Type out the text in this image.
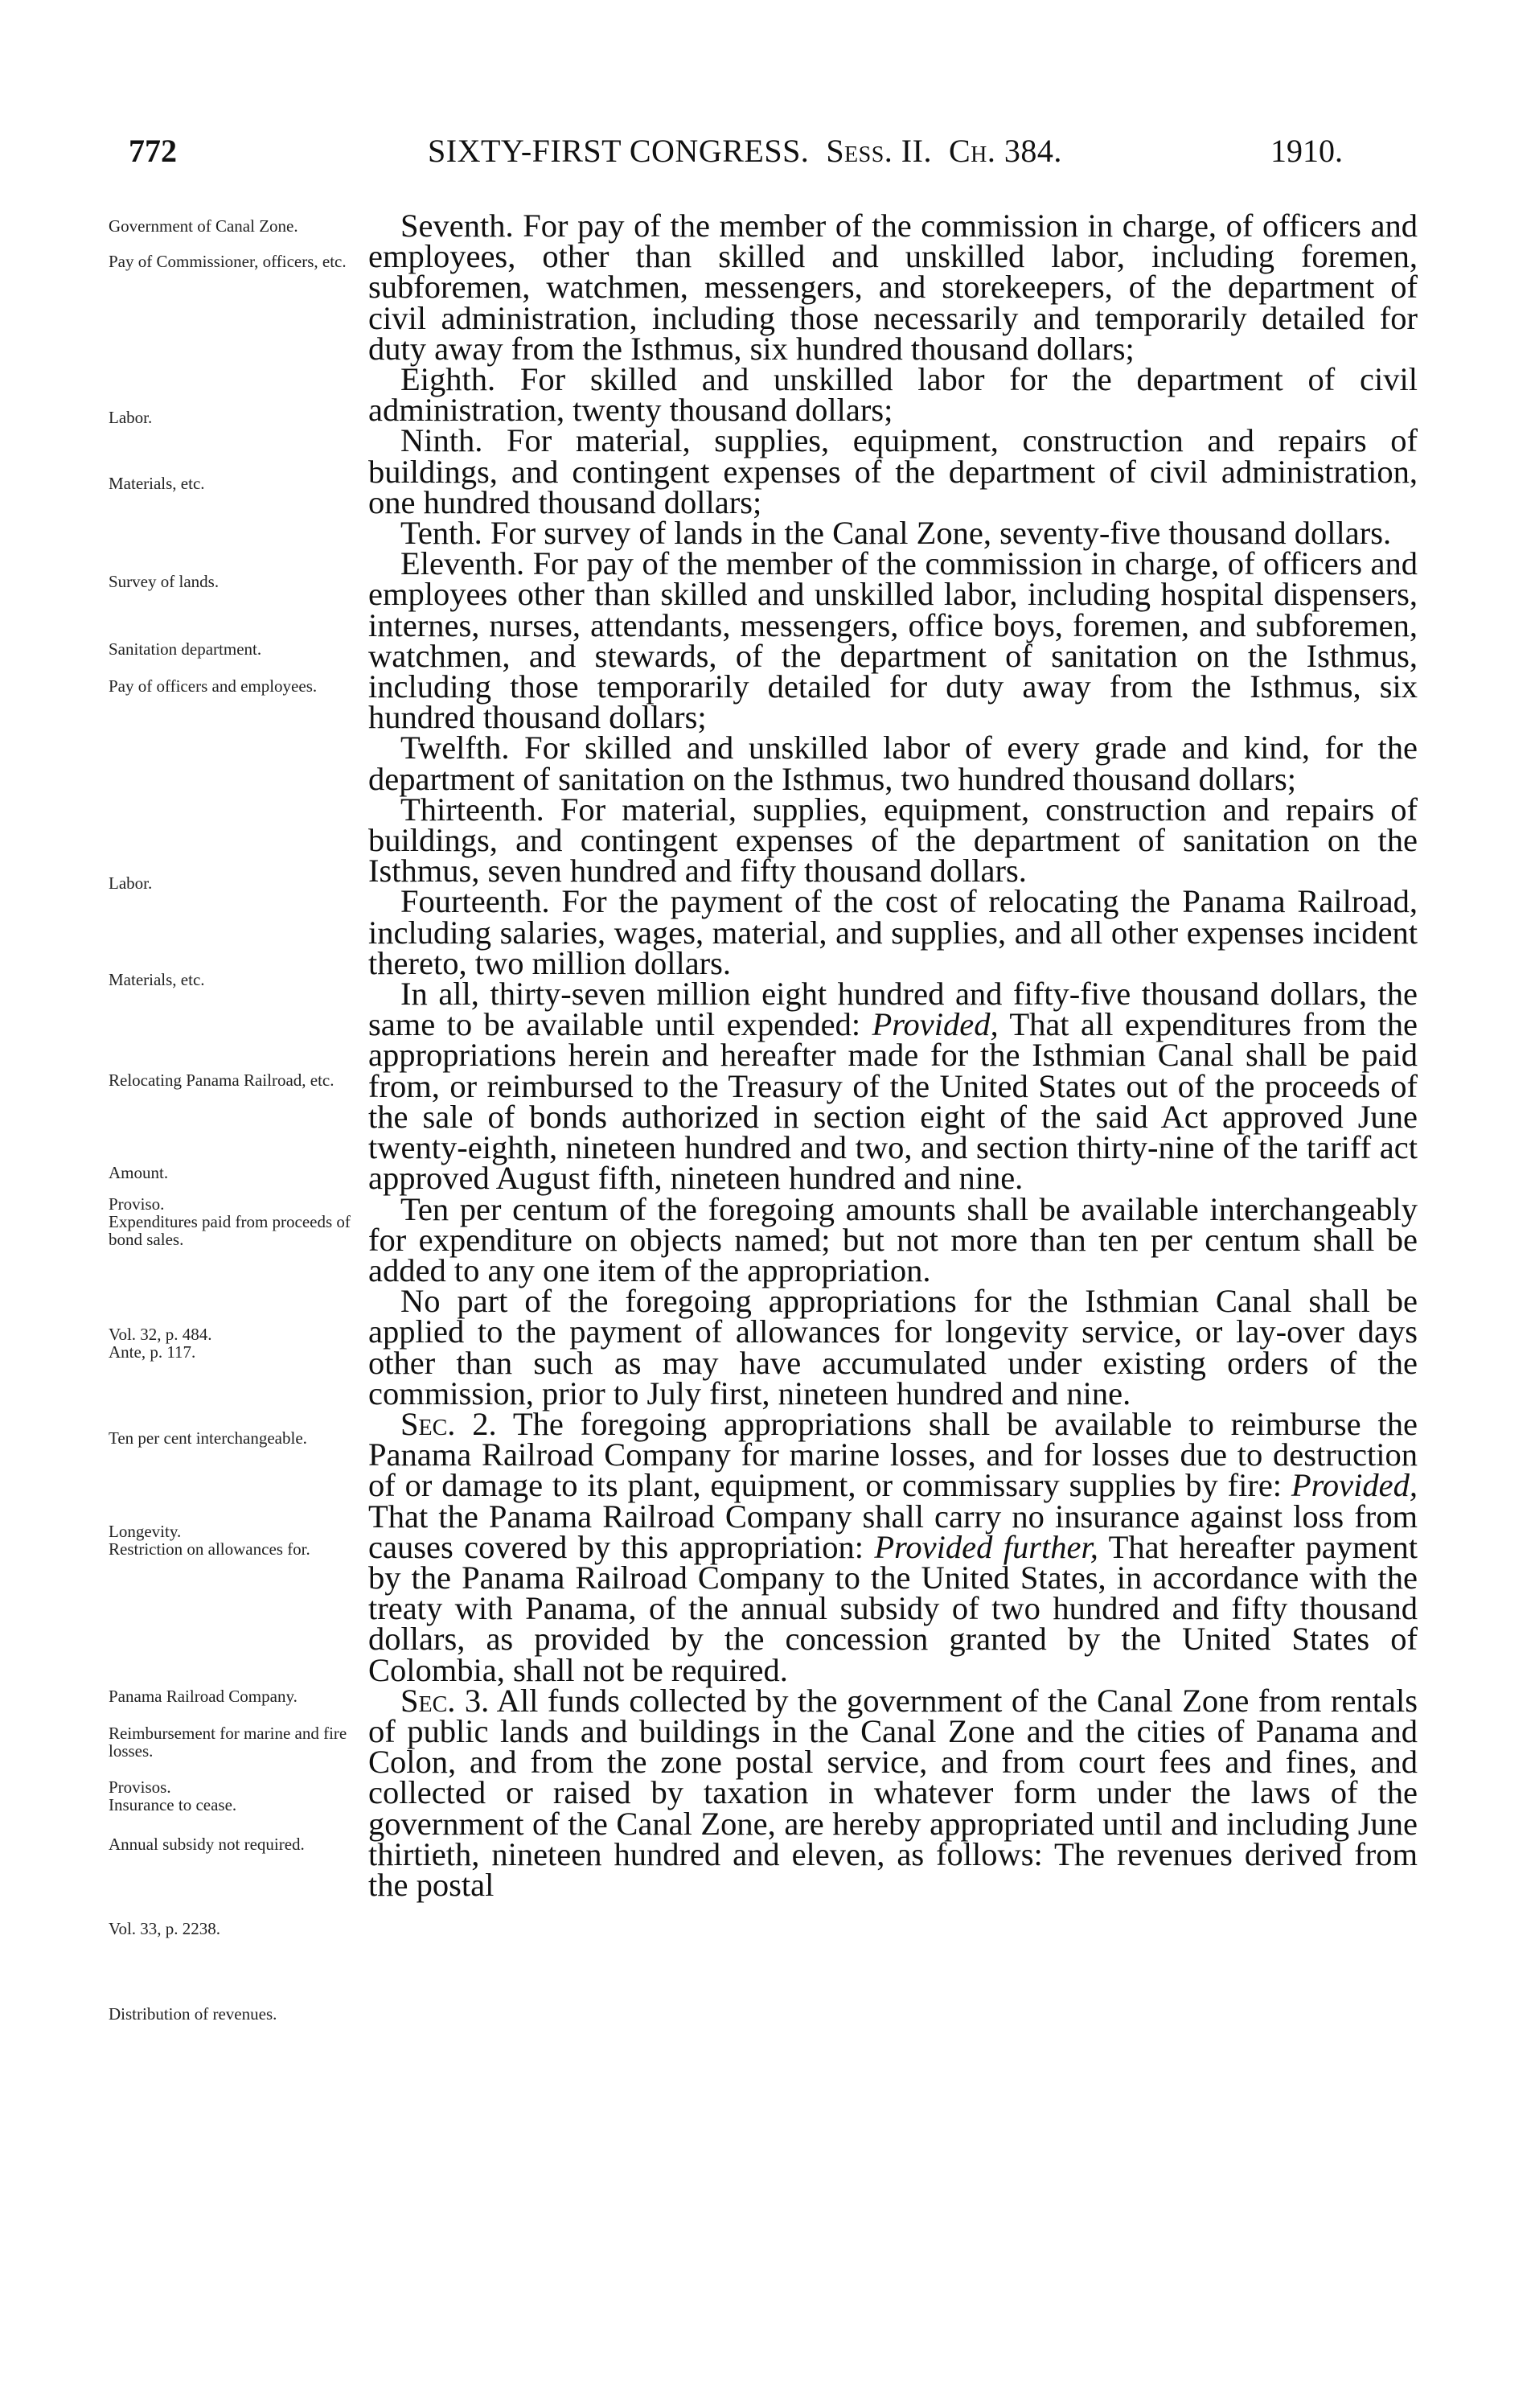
772	SIXTY-FIRST CONGRESS. Sess. II. Ch. 384.	1910.
Government of Canal Zone.
Pay of Commissioner, officers, etc.
Labor.
Materials, etc.
Survey of lands.
Sanitation department.
Pay of officers and employees.
Labor.
Materials, etc.
Relocating Panama Railroad, etc.
Amount.
Proviso.
Expenditures paid from proceeds of bond sales.
Vol. 32, p. 484.
Ante, p. 117.
Ten per cent interchangeable.
Longevity.
Restriction on allowances for.
Panama Railroad Company.
Reimbursement for marine and fire losses.
Provisos.
Insurance to cease.
Annual subsidy not required.
Vol. 33, p. 2238.
Distribution of revenues.

Seventh. For pay of the member of the commission in charge, of officers and employees, other than skilled and unskilled labor, including foremen, subforemen, watchmen, messengers, and storekeepers, of the department of civil administration, including those necessarily and temporarily detailed for duty away from the Isthmus, six hundred thousand dollars;

Eighth. For skilled and unskilled labor for the department of civil administration, twenty thousand dollars;

Ninth. For material, supplies, equipment, construction and repairs of buildings, and contingent expenses of the department of civil administration, one hundred thousand dollars;

Tenth. For survey of lands in the Canal Zone, seventy-five thousand dollars.

Eleventh. For pay of the member of the commission in charge, of officers and employees other than skilled and unskilled labor, including hospital dispensers, internes, nurses, attendants, messengers, office boys, foremen, and subforemen, watchmen, and stewards, of the department of sanitation on the Isthmus, including those temporarily detailed for duty away from the Isthmus, six hundred thousand dollars;

Twelfth. For skilled and unskilled labor of every grade and kind, for the department of sanitation on the Isthmus, two hundred thousand dollars;

Thirteenth. For material, supplies, equipment, construction and repairs of buildings, and contingent expenses of the department of sanitation on the Isthmus, seven hundred and fifty thousand dollars.

Fourteenth. For the payment of the cost of relocating the Panama Railroad, including salaries, wages, material, and supplies, and all other expenses incident thereto, two million dollars.

In all, thirty-seven million eight hundred and fifty-five thousand dollars, the same to be available until expended: Provided, That all expenditures from the appropriations herein and hereafter made for the Isthmian Canal shall be paid from, or reimbursed to the Treasury of the United States out of the proceeds of the sale of bonds authorized in section eight of the said Act approved June twenty-eighth, nineteen hundred and two, and section thirty-nine of the tariff act approved August fifth, nineteen hundred and nine.

Ten per centum of the foregoing amounts shall be available interchangeably for expenditure on objects named; but not more than ten per centum shall be added to any one item of the appropriation.

No part of the foregoing appropriations for the Isthmian Canal shall be applied to the payment of allowances for longevity service, or lay-over days other than such as may have accumulated under existing orders of the commission, prior to July first, nineteen hundred and nine.

Sec. 2. The foregoing appropriations shall be available to reimburse the Panama Railroad Company for marine losses, and for losses due to destruction of or damage to its plant, equipment, or commissary supplies by fire: Provided, That the Panama Railroad Company shall carry no insurance against loss from causes covered by this appropriation: Provided further, That hereafter payment by the Panama Railroad Company to the United States, in accordance with the treaty with Panama, of the annual subsidy of two hundred and fifty thousand dollars, as provided by the concession granted by the United States of Colombia, shall not be required.

Sec. 3. All funds collected by the government of the Canal Zone from rentals of public lands and buildings in the Canal Zone and the cities of Panama and Colon, and from the zone postal service, and from court fees and fines, and collected or raised by taxation in whatever form under the laws of the government of the Canal Zone, are hereby appropriated until and including June thirtieth, nineteen hundred and eleven, as follows: The revenues derived from the postal
